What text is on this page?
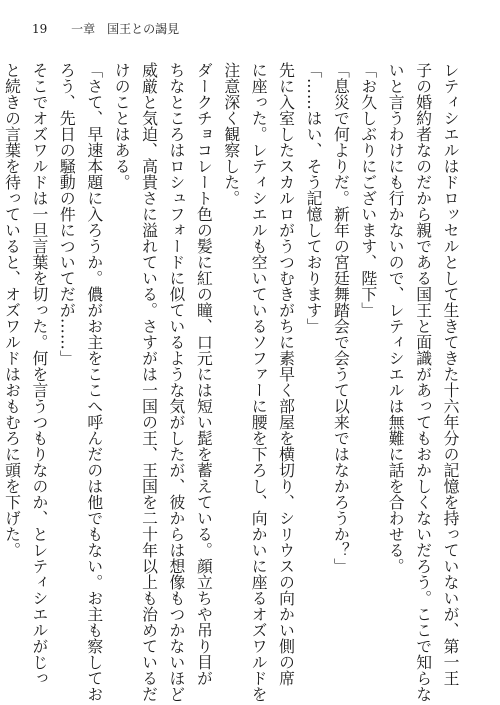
19 一章　国王との謁見
レティシエルはドロッセルとして生きてきた十六年分の記憶を持っていないが、第一王
子の婚約者なのだから親である国王と面識があってもおかしくないだろう。ここで知らな
いと言うわけにも行かないので、レティシエルは無難に話を合わせる。
「お久しぶりにございます、陛下」
「息災で何よりだ。新年の宮廷舞踏会で会うて以来ではなかろうか？」
「……はい、そう記憶しております」
先に入室したスカルロがうつむきがちに素早く部屋を横切り、シリウスの向かい側の席
に座った。レティシエルも空いているソファーに腰を下ろし、向かいに座るオズワルドを
注意深く観察した。
ダークチョコレート色の髪に紅の瞳、口元には短い髭を蓄えている。顔立ちや吊り目が
ちなところはロシュフォードに似ているような気がしたが、彼からは想像もつかないほど
威厳と気迫、高貴さに溢れている。さすがは一国の王、王国を二十年以上も治めているだ
けのことはある。
「さて、早速本題に入ろうか。儂がお主をここへ呼んだのは他でもない。お主も察してお
ろう、先日の騒動の件についてだが……」
そこでオズワルドは一旦言葉を切った。何を言うつもりなのか、とレティシエルがじっ
と続きの言葉を待っていると、オズワルドはおもむろに頭を下げた。
